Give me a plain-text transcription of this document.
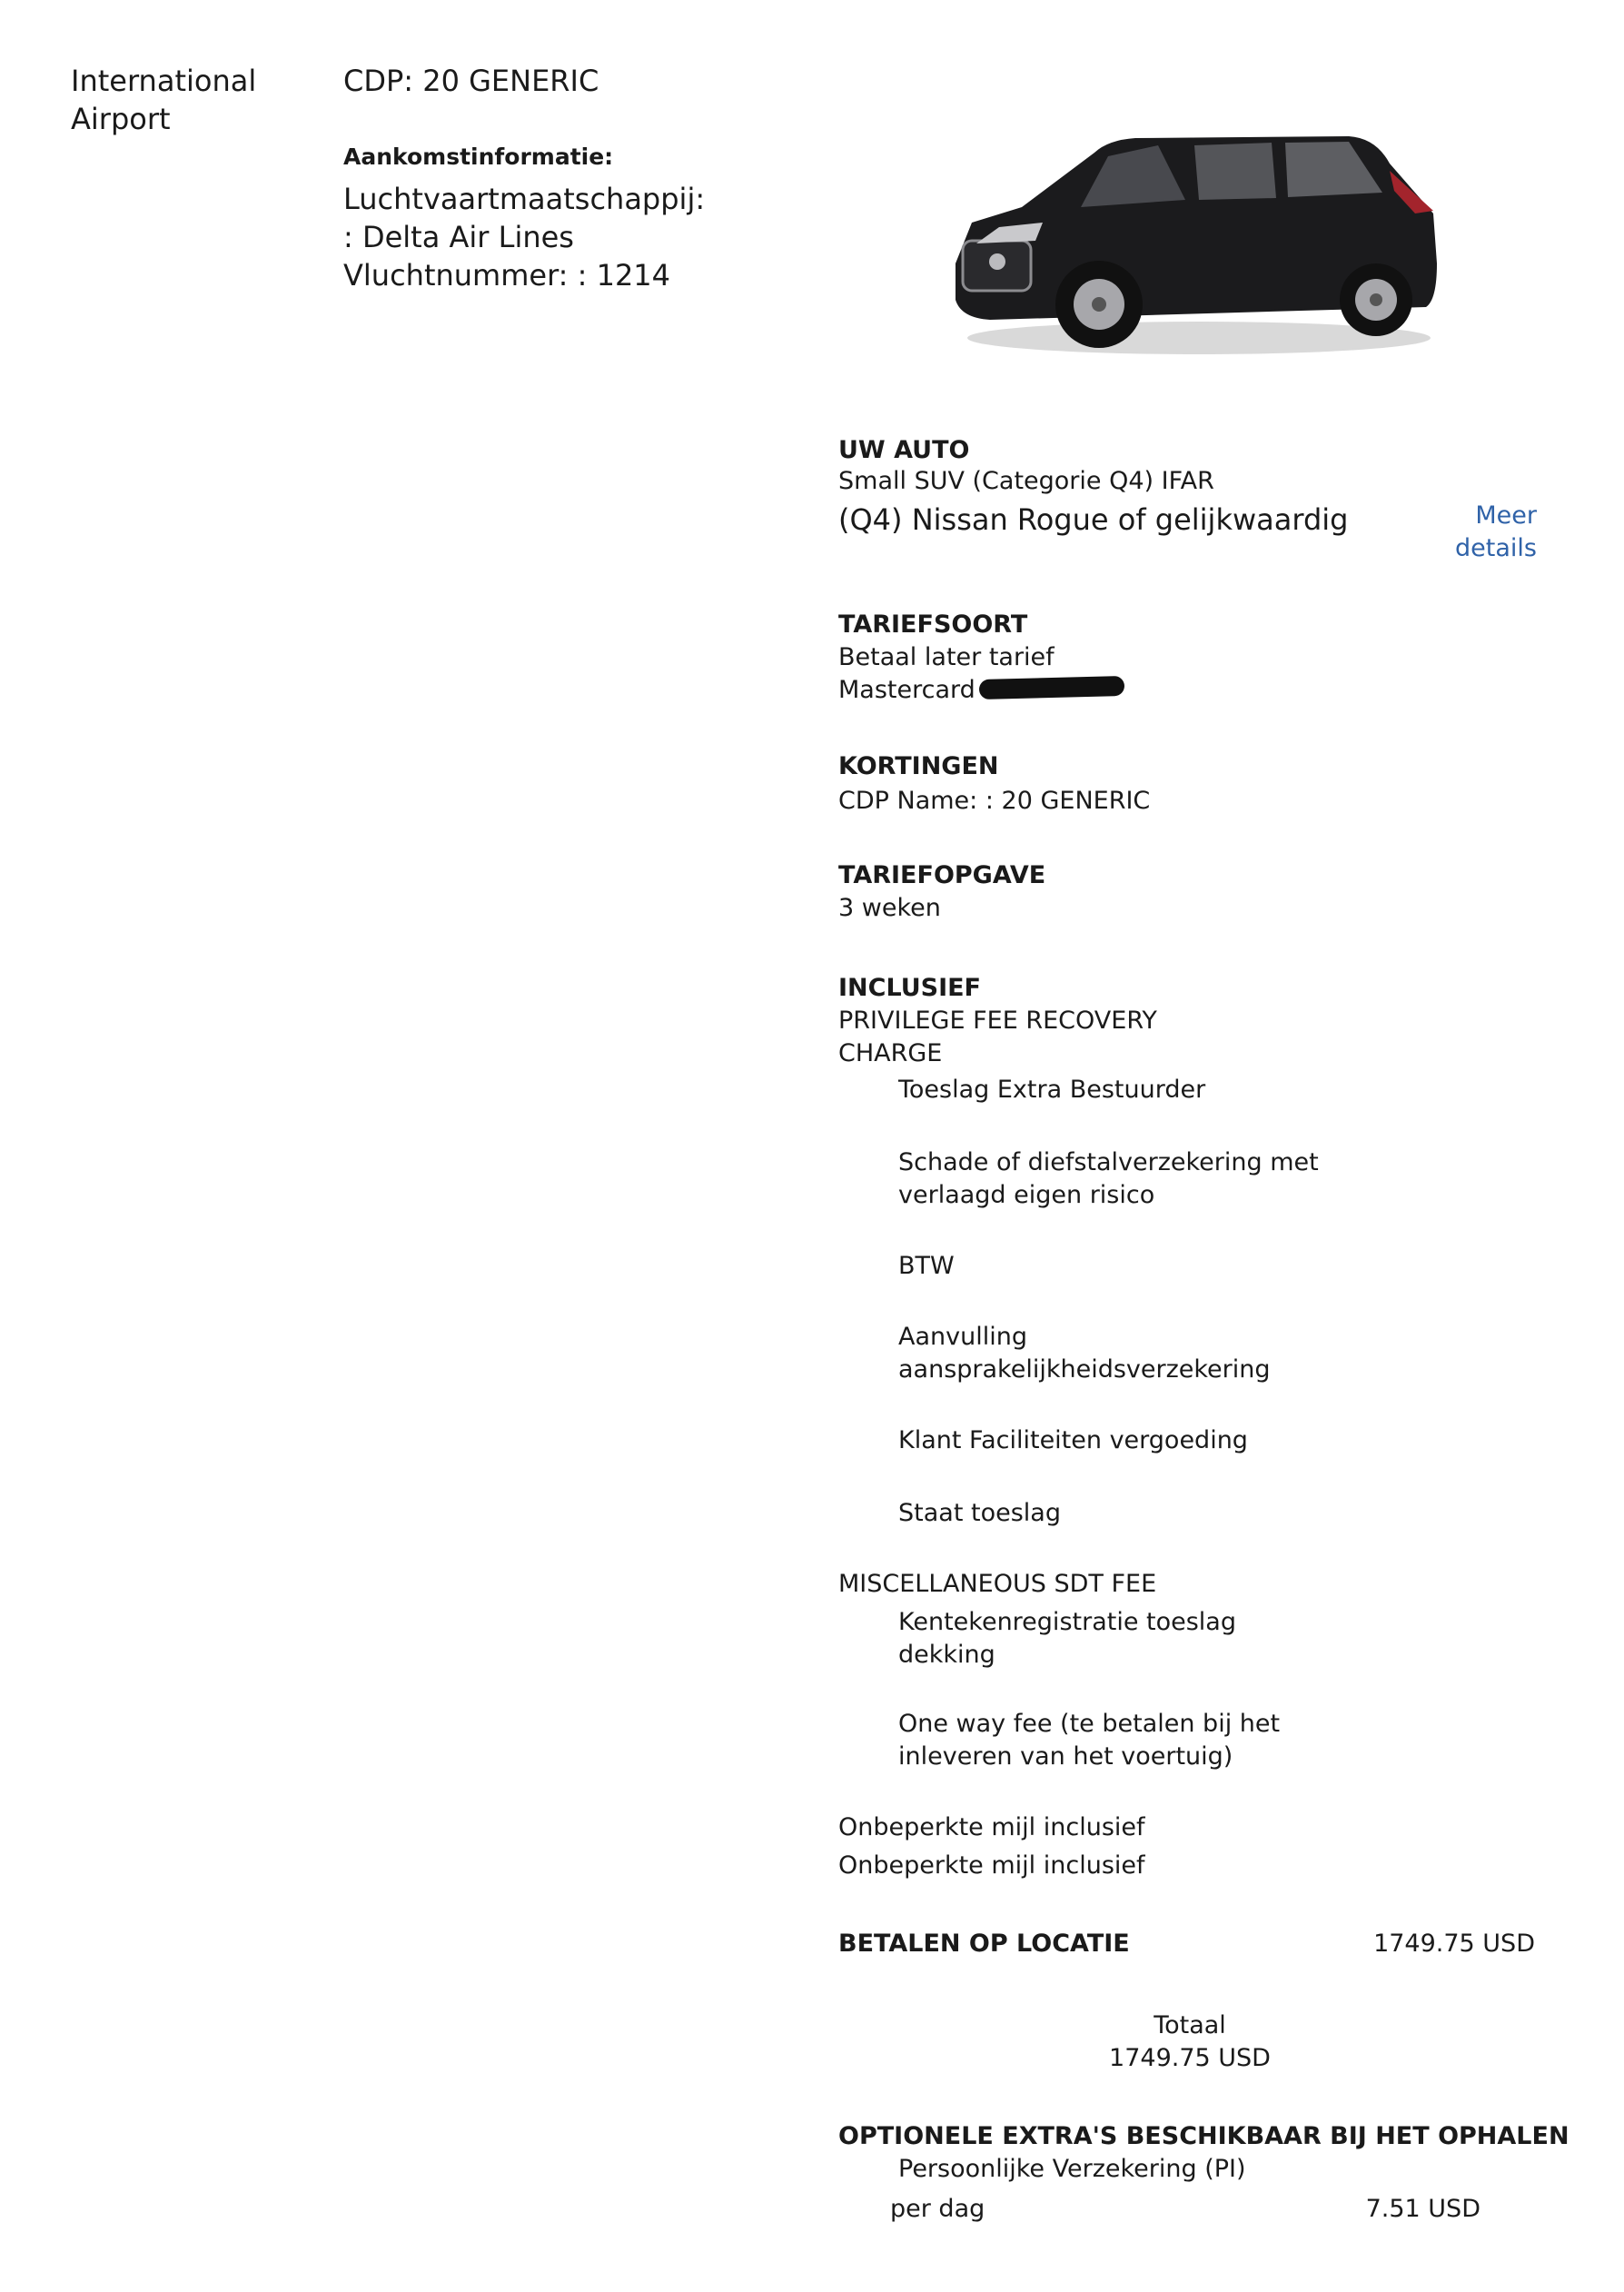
International
Airport
CDP: 20 GENERIC
Aankomstinformatie:
Luchtvaartmaatschappij:
: Delta Air Lines
Vluchtnummer: : 1214
UW AUTO
Small SUV (Categorie Q4) IFAR
(Q4) Nissan Rogue of gelijkwaardig	Meer
details
TARIEFSOORT
Betaal later tarief
Mastercard
KORTINGEN
CDP Name: : 20 GENERIC
TARIEFOPGAVE
3 weken
INCLUSIEF
PRIVILEGE FEE RECOVERY
CHARGE
Toeslag Extra Bestuurder
Schade of diefstalverzekering met
verlaagd eigen risico
BTW
Aanvulling
aansprakelijkheidsverzekering
Klant Faciliteiten vergoeding
Staat toeslag
MISCELLANEOUS SDT FEE
Kentekenregistratie toeslag
dekking
One way fee (te betalen bij het
inleveren van het voertuig)
Onbeperkte mijl inclusief
Onbeperkte mijl inclusief
BETALEN OP LOCATIE	1749.75 USD
Totaal
1749.75 USD
OPTIONELE EXTRA'S BESCHIKBAAR BIJ HET OPHALEN
Persoonlijke Verzekering (PI)
per dag	7.51 USD
